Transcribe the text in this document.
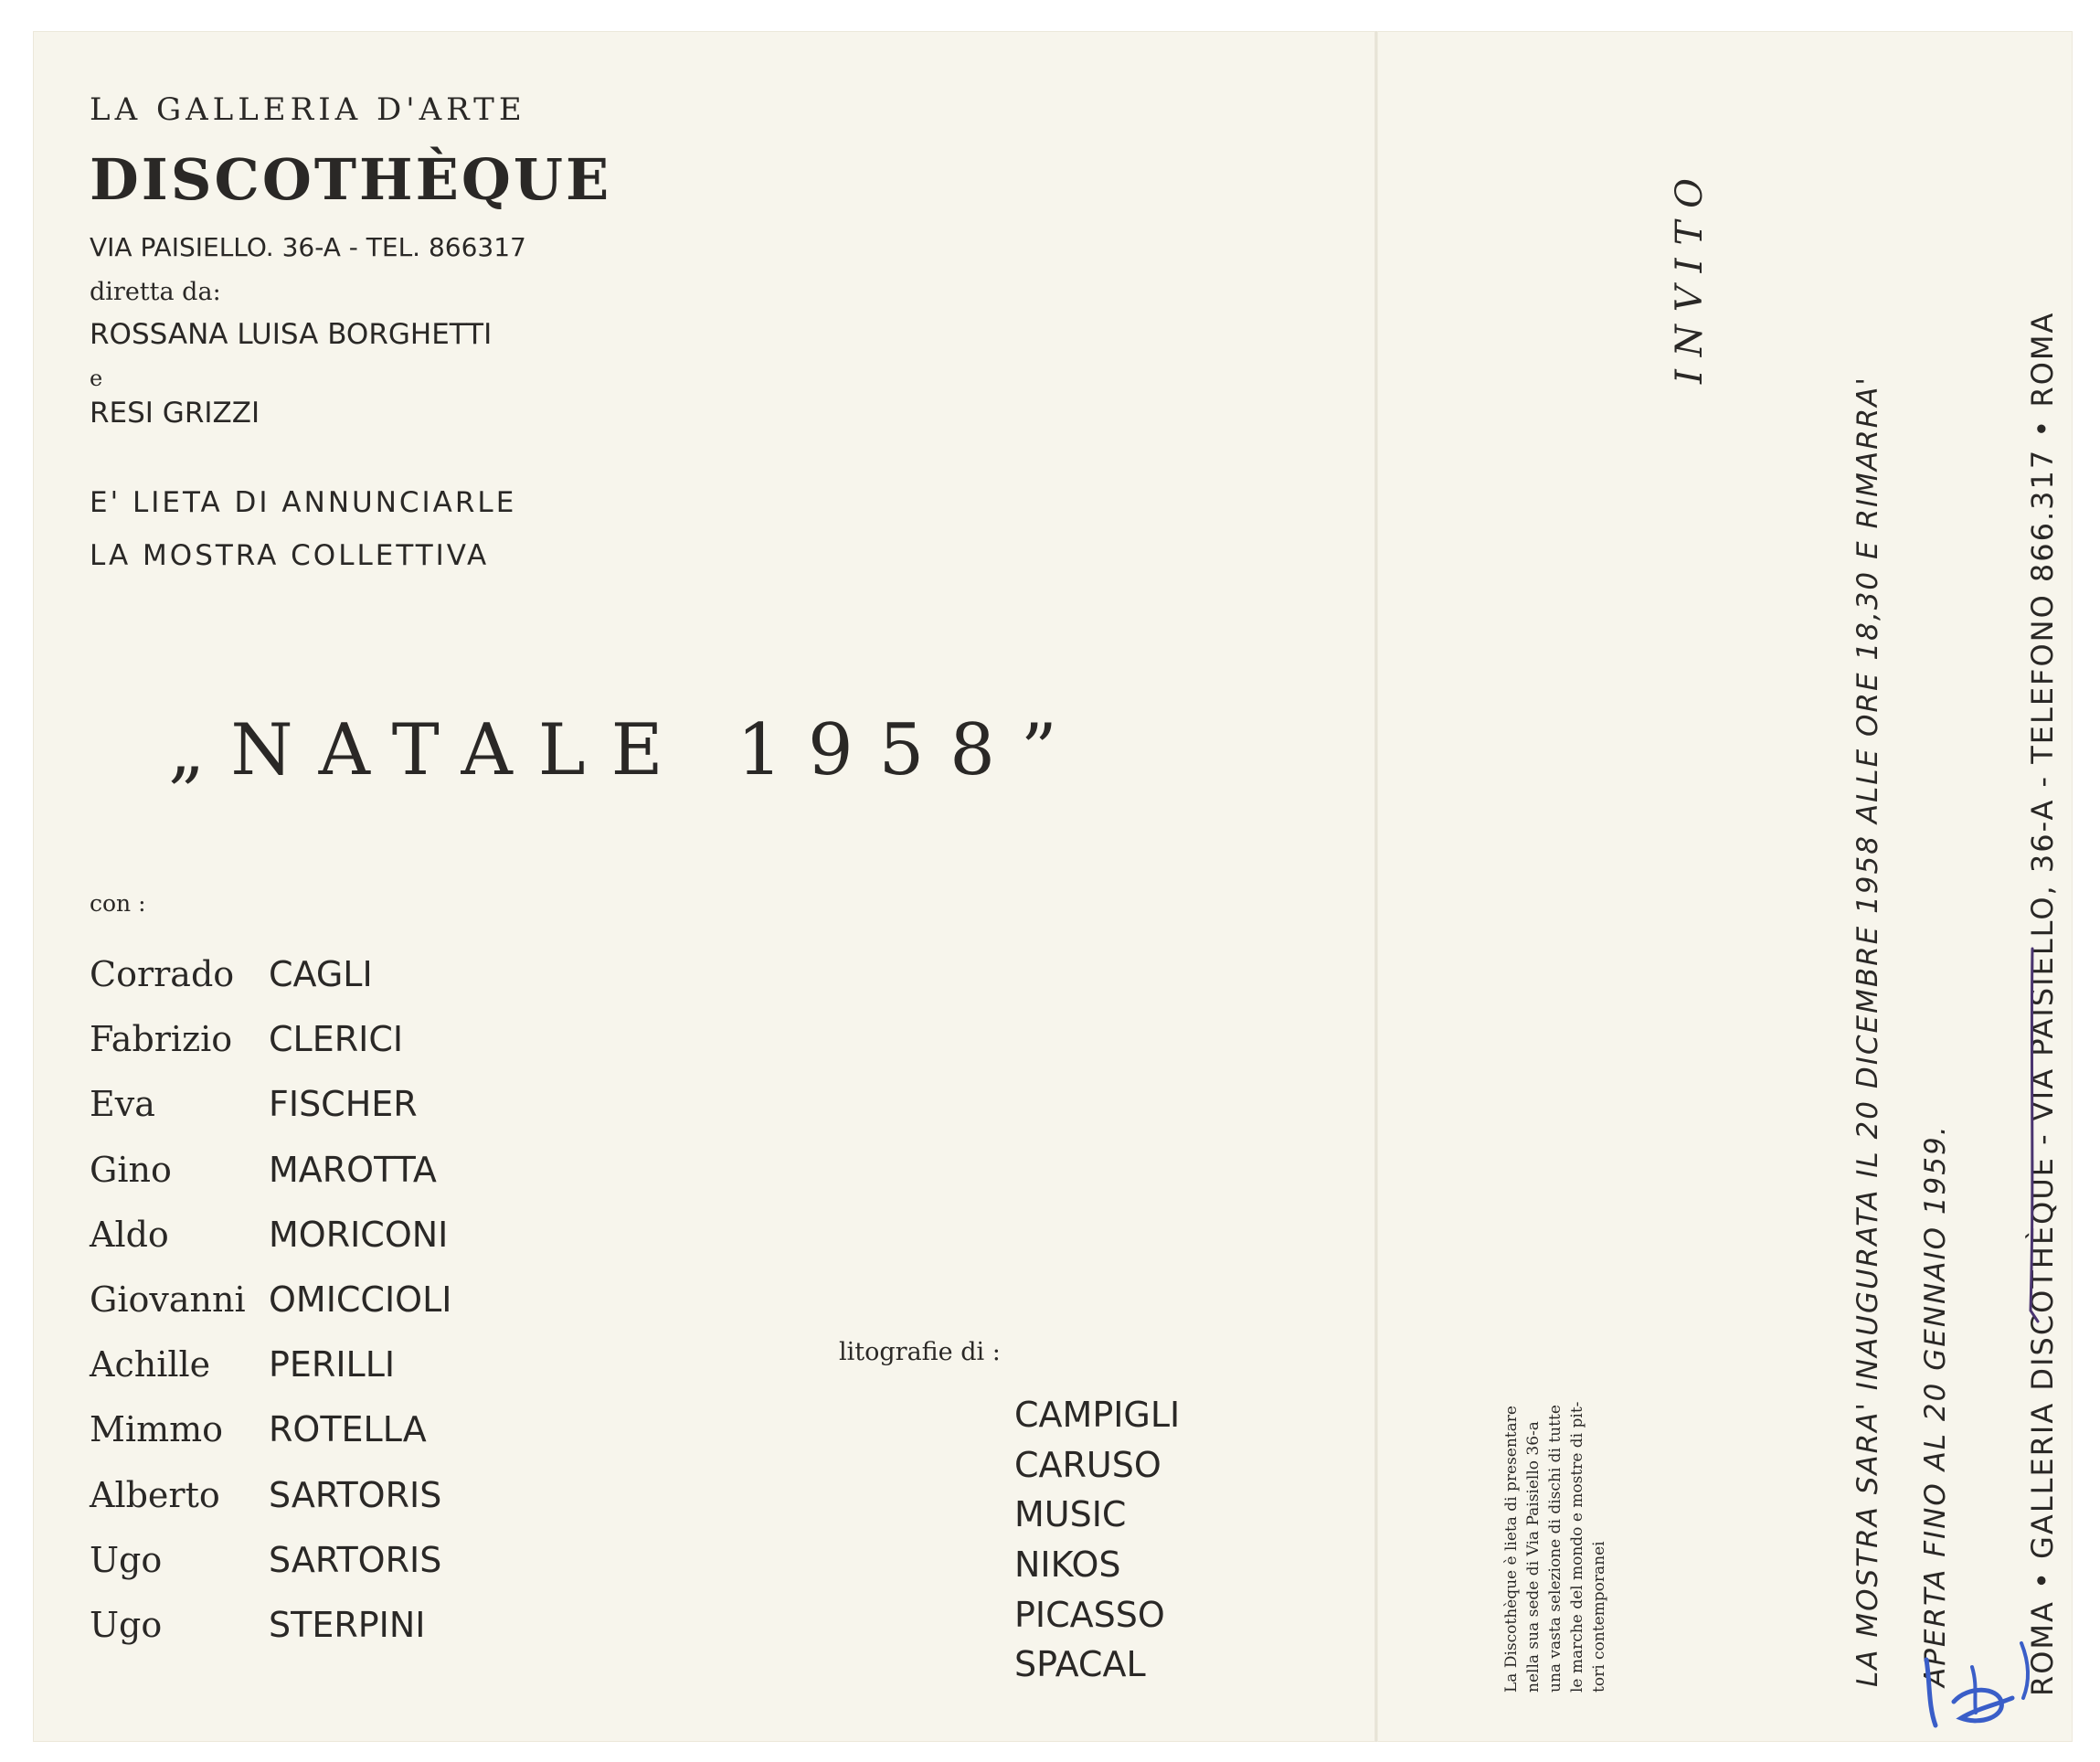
LA GALLERIA D'ARTE
DISCOTHÈQUE
VIA PAISIELLO. 36-A - TEL. 866317
diretta da:
ROSSANA LUISA BORGHETTI
e
RESI GRIZZI
E' LIETA DI ANNUNCIARLE
LA MOSTRA COLLETTIVA
„NATALE 1958”
con :
Corrado CAGLI
Fabrizio CLERICI
Eva	FISCHER
Gino	MAROTTA
Aldo	MORICONI
Giovanni OMICCIOLI
Achille PERILLI
Mimmo ROTELLA
Alberto SARTORIS
Ugo	SARTORIS
Ugo	STERPINI
litografie di :
CAMPIGLI
CARUSO
MUSIC
NIKOS
PICASSO
SPACAL	La Discothèque è lieta di presentare nella sua sede di Via Paisiello 36-a una vasta selezione di dischi di tutte le marche del mondo e mostre di pit- tori contemporanei
INVITO
LA MOSTRA SARA' INAUGURATA IL 20 DICEMBRE 1958 ALLE ORE 18,30 E RIMARRA' APERTA FINO AL 20 GENNAIO 1959.	ROMA • GALLERIA DISCOTHÈQUE - VIA PAISIELLO, 36-A - TELEFONO 866.317 • ROMA
